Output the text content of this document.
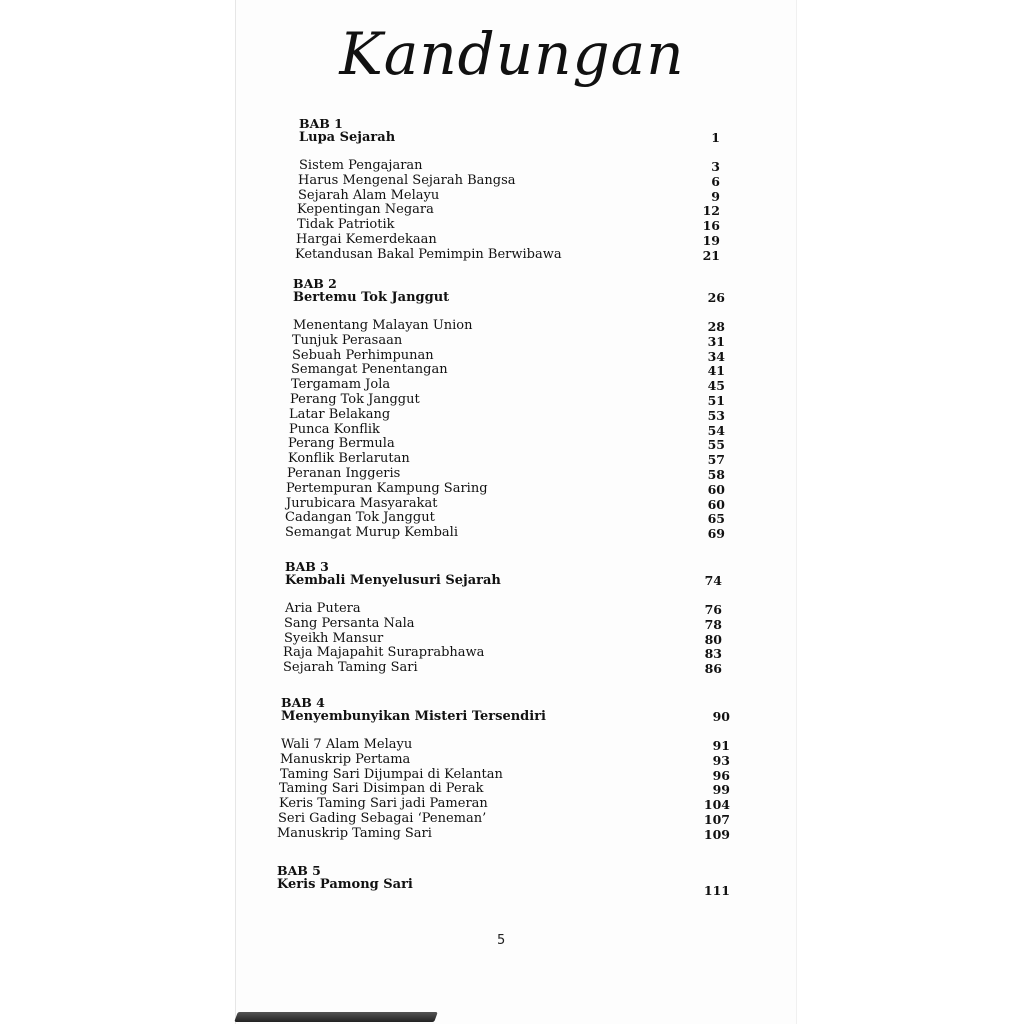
Kandungan
BAB 1
Lupa Sejarah	1
Sistem Pengajaran	3
Harus Mengenal Sejarah Bangsa	6
Sejarah Alam Melayu	9
Kepentingan Negara	12
Tidak Patriotik	16
Hargai Kemerdekaan	19
Ketandusan Bakal Pemimpin Berwibawa	21
BAB 2
Bertemu Tok Janggut	26
Menentang Malayan Union	28
Tunjuk Perasaan	31
Sebuah Perhimpunan	34
Semangat Penentangan	41
Tergamam Jola	45
Perang Tok Janggut	51
Latar Belakang	53
Punca Konflik	54
Perang Bermula	55
Konflik Berlarutan	57
Peranan Inggeris	58
Pertempuran Kampung Saring	60
Jurubicara Masyarakat	60
Cadangan Tok Janggut	65
Semangat Murup Kembali	69
BAB 3
Kembali Menyelusuri Sejarah	74
Aria Putera	76
Sang Persanta Nala	78
Syeikh Mansur	80
Raja Majapahit Suraprabhawa	83
Sejarah Taming Sari	86
BAB 4
Menyembunyikan Misteri Tersendiri	90
Wali 7 Alam Melayu	91
Manuskrip Pertama	93
Taming Sari Dijumpai di Kelantan	96
Taming Sari Disimpan di Perak	99
Keris Taming Sari jadi Pameran	104
Seri Gading Sebagai ‘Peneman’	107
Manuskrip Taming Sari	109
BAB 5
Keris Pamong Sari	111
5
